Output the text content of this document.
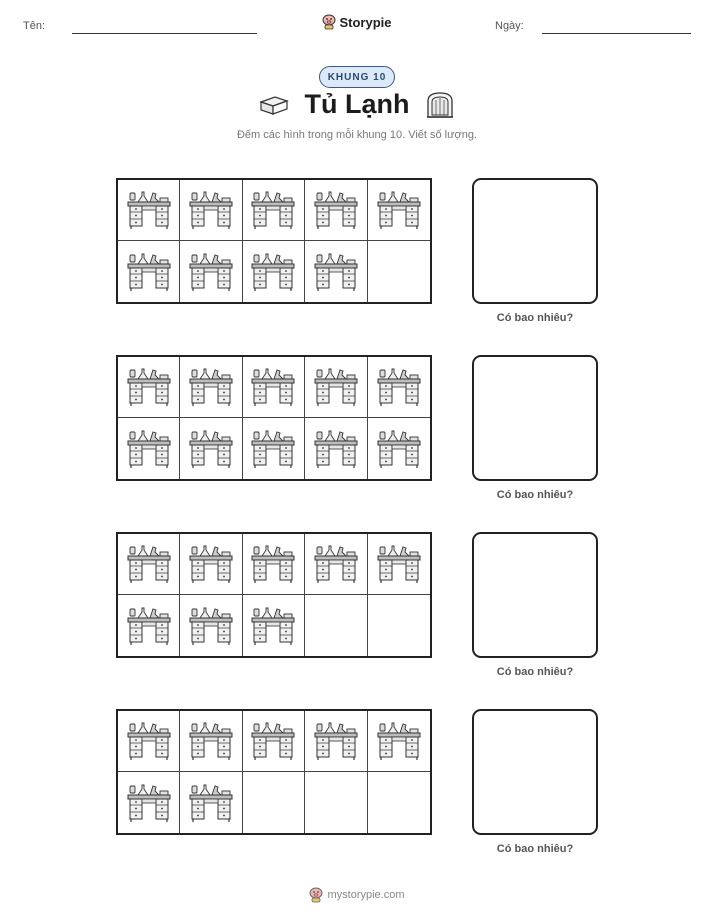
Tên:	Storypie	Ngày:
KHUNG 10
Tủ Lạnh
Đếm các hình trong mỗi khung 10. Viết số lượng.
Có bao nhiêu?
Có bao nhiêu?
Có bao nhiêu?
Có bao nhiêu?
mystorypie.com
